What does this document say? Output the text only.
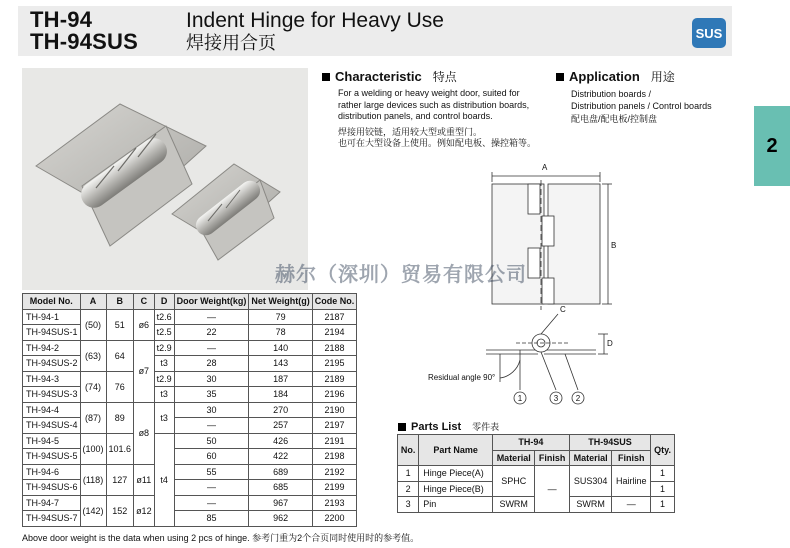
TH-94
TH-94SUS
Indent Hinge for Heavy Use
焊接用合页	SUS
Characteristic 特点
For a welding or heavy weight door, suited for
rather large devices such as distribution boards,
distribution panels, and control boards.
焊接用铰链，适用较大型或重型门。
也可在大型设备上使用。例如配电板、操控箱等。
Application 用途
Distribution boards /
Distribution panels / Control boards
配电盘/配电板/控制盘
2
A
B
C
D
Residual angle 90°
1	3 2
赫尔（深圳）贸易有限公司
Model No.	A	B	C	D	Door Weight(kg)	Net Weight(g)	Code No.
TH-94-1	(50)	51	ø6	t2.6	—	79	2187
TH-94SUS-1				t2.5	22	78	2194
TH-94-2	(63)	64	ø7	t2.9	—	140	2188
TH-94SUS-2				t3	28	143	2195
TH-94-3	(74)	76		t2.9	30	187	2189
TH-94SUS-3				t3	35	184	2196
TH-94-4	(87)	89	ø8	t3	30	270	2190
TH-94SUS-4					—	257	2197
TH-94-5	(100)	101.6		t4	50	426	2191
TH-94SUS-5					60	422	2198
TH-94-6	(118)	127	ø11		55	689	2192
TH-94SUS-6					—	685	2199
TH-94-7	(142)	152	ø12		—	967	2193
TH-94SUS-7					85	962	2200
Above door weight is the data when using 2 pcs of hinge. 参考门重为2个合页同时使用时的参考值。
Parts List 零件表
No.	Part Name	TH-94		TH-94SUS		Qty.
		Material	Finish	Material	Finish	
1	Hinge Piece(A)	SPHC	—	SUS304	Hairline	1
2	Hinge Piece(B)					1
3	Pin	SWRM		SWRM	—	1
